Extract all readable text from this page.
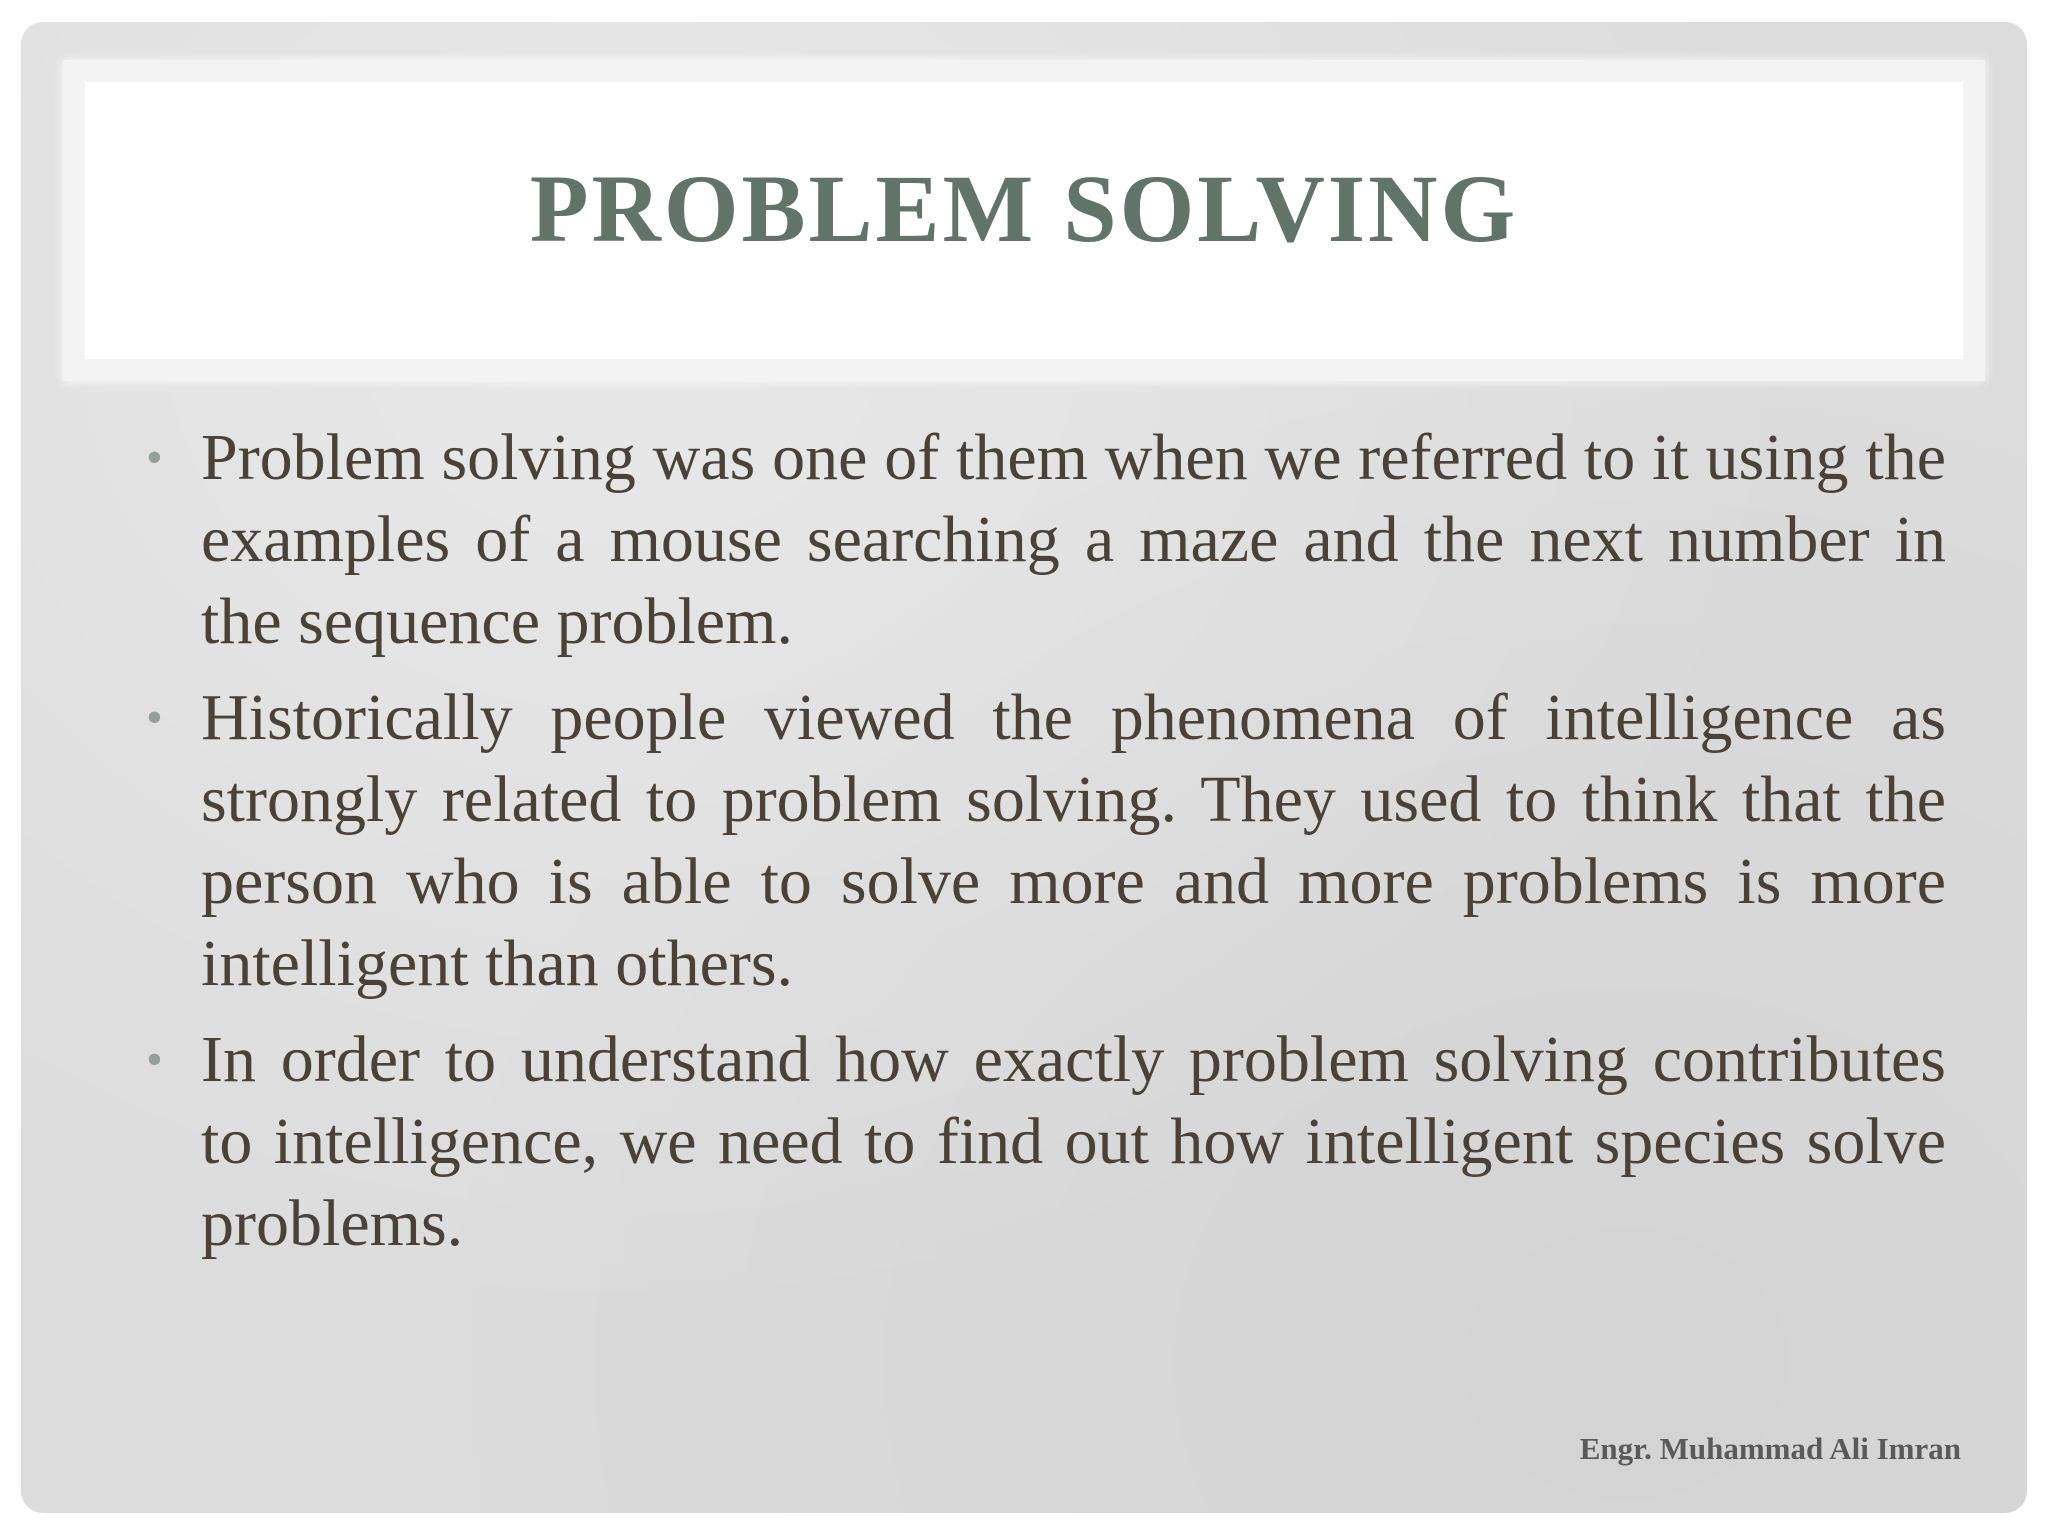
PROBLEM SOLVING
• Problem solving was one of them when we referred to it using the examples of a mouse searching a maze and the next number in the sequence problem.
• Historically people viewed the phenomena of intelligence as strongly related to problem solving. They used to think that the person who is able to solve more and more problems is more intelligent than others.
• In order to understand how exactly problem solving contributes to intelligence, we need to find out how intelligent species solve problems.
Engr. Muhammad Ali Imran
